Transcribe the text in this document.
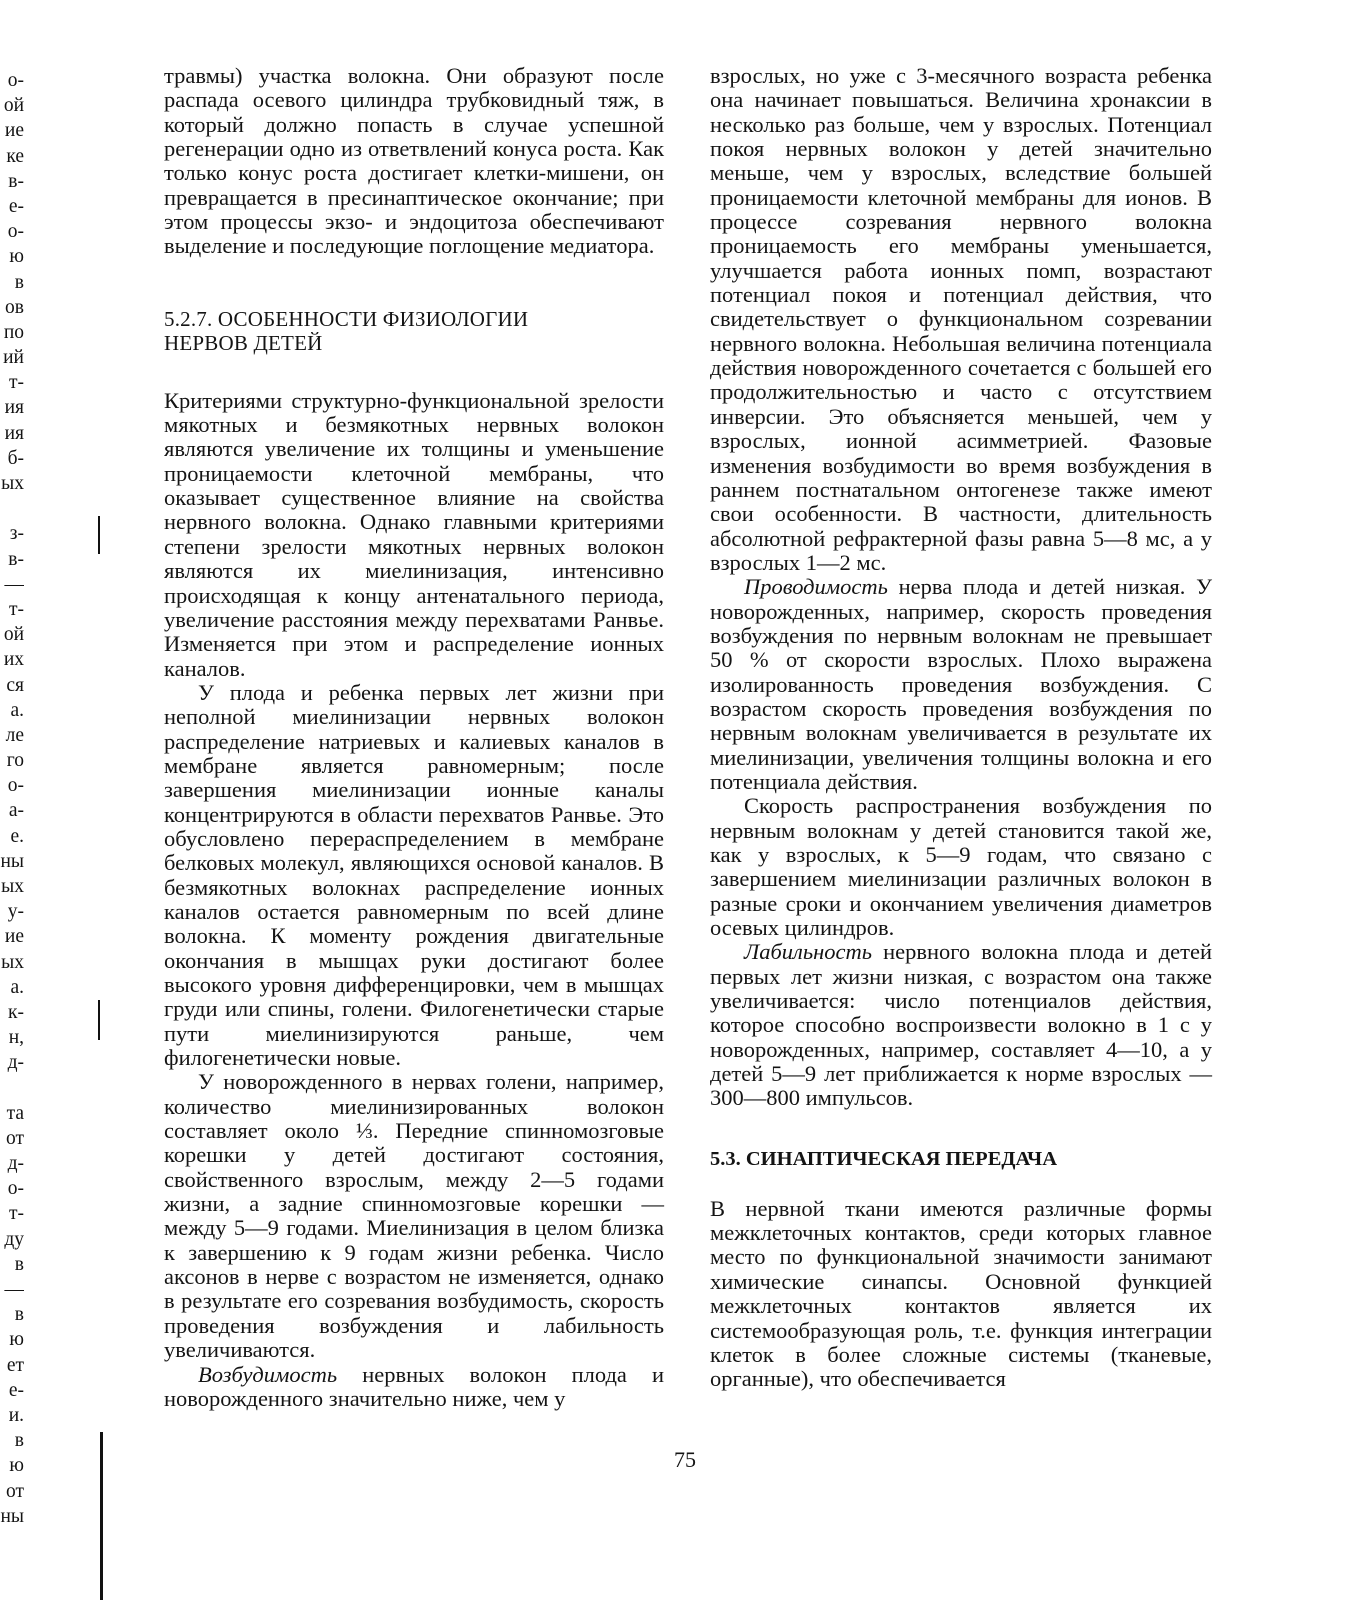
о-
ой
ие
ке
в-
е-
о-
ю
в
ов
по
ий
т-
ия
ия
б-
ых
з-
в-
—
т-
ой
их
ся
а.
ле
го
о-
а-
е.
ны
ых
у-
ие
ых
а.
к-
н,
д-
та
от
д-
о-
т-
ду
в
—
в
ю
ет
е-
и.
в
ю
от
ны

травмы) участка волокна. Они образуют после распада осевого цилиндра трубковидный тяж, в который должно попасть в случае успешной регенерации одно из ответвлений конуса роста. Как только конус роста достигает клетки-мишени, он превращается в пресинаптическое окончание; при этом процессы экзо- и эндоцитоза обеспечивают выделение и последующие поглощение медиатора.

5.2.7. ОСОБЕННОСТИ ФИЗИОЛОГИИ
НЕРВОВ ДЕТЕЙ

Критериями структурно-функциональной зрелости мякотных и безмякотных нервных волокон являются увеличение их толщины и уменьшение проницаемости клеточной мембраны, что оказывает существенное влияние на свойства нервного волокна. Однако главными критериями степени зрелости мякотных нервных волокон являются их миелинизация, интенсивно происходящая к концу антенатального периода, увеличение расстояния между перехватами Ранвье. Изменяется при этом и распределение ионных каналов.

У плода и ребенка первых лет жизни при неполной миелинизации нервных волокон распределение натриевых и калиевых каналов в мембране является равномерным; после завершения миелинизации ионные каналы концентрируются в области перехватов Ранвье. Это обусловлено перераспределением в мембране белковых молекул, являющихся основой каналов. В безмякотных волокнах распределение ионных каналов остается равномерным по всей длине волокна. К моменту рождения двигательные окончания в мышцах руки достигают более высокого уровня дифференцировки, чем в мышцах груди или спины, голени. Филогенетически старые пути миелинизируются раньше, чем филогенетически новые.

У новорожденного в нервах голени, например, количество миелинизированных волокон составляет около ⅓. Передние спинномозговые корешки у детей достигают состояния, свойственного взрослым, между 2—5 годами жизни, а задние спинномозговые корешки — между 5—9 годами. Миелинизация в целом близка к завершению к 9 годам жизни ребенка. Число аксонов в нерве с возрастом не изменяется, однако в результате его созревания возбудимость, скорость проведения возбуждения и лабильность увеличиваются.

Возбудимость нервных волокон плода и новорожденного значительно ниже, чем у

взрослых, но уже с 3-месячного возраста ребенка она начинает повышаться. Величина хронаксии в несколько раз больше, чем у взрослых. Потенциал покоя нервных волокон у детей значительно меньше, чем у взрослых, вследствие большей проницаемости клеточной мембраны для ионов. В процессе созревания нервного волокна проницаемость его мембраны уменьшается, улучшается работа ионных помп, возрастают потенциал покоя и потенциал действия, что свидетельствует о функциональном созревании нервного волокна. Небольшая величина потенциала действия новорожденного сочетается с большей его продолжительностью и часто с отсутствием инверсии. Это объясняется меньшей, чем у взрослых, ионной асимметрией. Фазовые изменения возбудимости во время возбуждения в раннем постнатальном онтогенезе также имеют свои особенности. В частности, длительность абсолютной рефрактерной фазы равна 5—8 мс, а у взрослых 1—2 мс.

Проводимость нерва плода и детей низкая. У новорожденных, например, скорость проведения возбуждения по нервным волокнам не превышает 50 % от скорости взрослых. Плохо выражена изолированность проведения возбуждения. С возрастом скорость проведения возбуждения по нервным волокнам увеличивается в результате их миелинизации, увеличения толщины волокна и его потенциала действия.

Скорость распространения возбуждения по нервным волокнам у детей становится такой же, как у взрослых, к 5—9 годам, что связано с завершением миелинизации различных волокон в разные сроки и окончанием увеличения диаметров осевых цилиндров.

Лабильность нервного волокна плода и детей первых лет жизни низкая, с возрастом она также увеличивается: число потенциалов действия, которое способно воспроизвести волокно в 1 с у новорожденных, например, составляет 4—10, а у детей 5—9 лет приближается к норме взрослых — 300—800 импульсов.

5.3. СИНАПТИЧЕСКАЯ ПЕРЕДАЧА

В нервной ткани имеются различные формы межклеточных контактов, среди которых главное место по функциональной значимости занимают химические синапсы. Основной функцией межклеточных контактов является их системообразующая роль, т.е. функция интеграции клеток в более сложные системы (тканевые, органные), что обеспечивается

75
